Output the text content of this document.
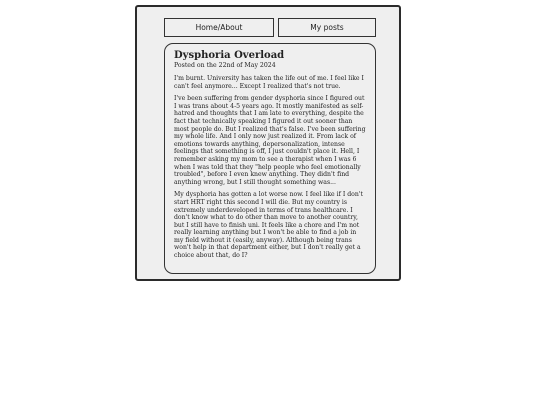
Home/About	My posts
Dysphoria Overload
Posted on the 22nd of May 2024

I'm burnt. University has taken the life out of me. I feel like I can't feel anymore... Except I realized that's not true.

I've been suffering from gender dysphoria since I figured out I was trans about 4-5 years ago. It mostly manifested as self-hatred and thoughts that I am late to everything, despite the fact that technically speaking I figured it out sooner than most people do. But I realized that's false. I've been suffering my whole life. And I only now just realized it. From lack of emotions towards anything, depersonalization, intense feelings that something is off, I just couldn't place it. Hell, I remember asking my mom to see a therapist when I was 6 when I was told that they "help people who feel emotionally troubled", before I even knew anything. They didn't find anything wrong, but I still thought something was...

My dysphoria has gotten a lot worse now. I feel like if I don't start HRT right this second I will die. But my country is extremely underdeveloped in terms of trans healthcare. I don't know what to do other than move to another country, but I still have to finish uni. It feels like a chore and I'm not really learning anything but I won't be able to find a job in my field without it (easily, anyway). Although being trans won't help in that department either, but I don't really get a choice about that, do I?
